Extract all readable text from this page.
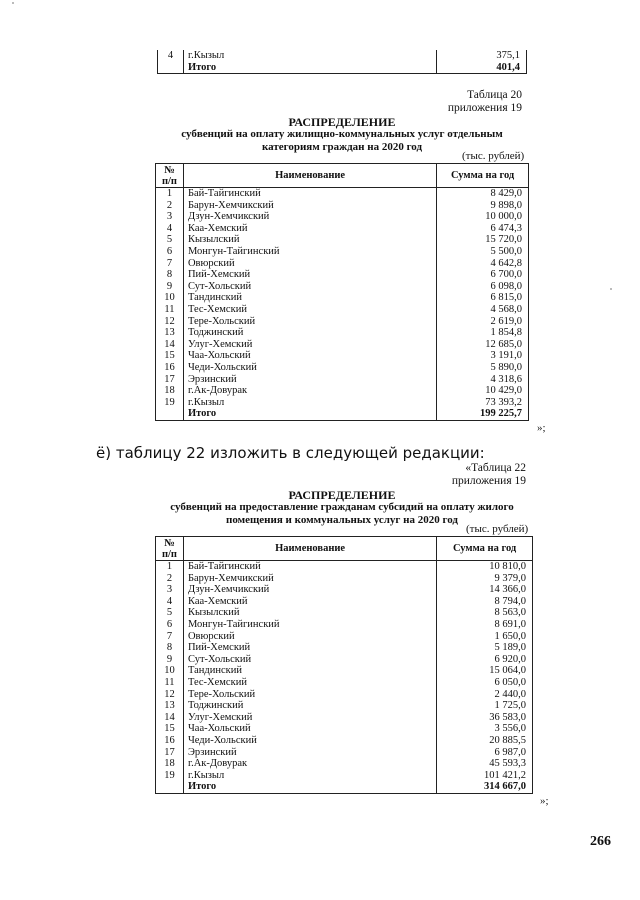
4	г.Кызыл	375,1
	Итого	401,4
Таблица 20
приложения 19
РАСПРЕДЕЛЕНИЕ
субвенций на оплату жилищно-коммунальных услуг отдельным
категориям граждан на 2020 год
(тыс. рублей)
№
п/п	Наименование	Сумма на год
1	Бай-Тайгинский	8 429,0
2	Барун-Хемчикский	9 898,0
3	Дзун-Хемчикский	10 000,0
4	Каа-Хемский	6 474,3
5	Кызылский	15 720,0
6	Монгун-Тайгинский	5 500,0
7	Овюрский	4 642,8
8	Пий-Хемский	6 700,0
9	Сут-Хольский	6 098,0
10	Тандинский	6 815,0
11	Тес-Хемский	4 568,0
12	Тере-Хольский	2 619,0
13	Тоджинский	1 854,8
14	Улуг-Хемский	12 685,0
15	Чаа-Хольский	3 191,0
16	Чеди-Хольский	5 890,0
17	Эрзинский	4 318,6
18	г.Ак-Довурак	10 429,0
19	г.Кызыл	73 393,2
	Итого	199 225,7
»;
ё) таблицу 22 изложить в следующей редакции:
«Таблица 22
приложения 19
РАСПРЕДЕЛЕНИЕ
субвенций на предоставление гражданам субсидий на оплату жилого
помещения и коммунальных услуг на 2020 год
(тыс. рублей)
№
п/п	Наименование	Сумма на год
1	Бай-Тайгинский	10 810,0
2	Барун-Хемчикский	9 379,0
3	Дзун-Хемчикский	14 366,0
4	Каа-Хемский	8 794,0
5	Кызылский	8 563,0
6	Монгун-Тайгинский	8 691,0
7	Овюрский	1 650,0
8	Пий-Хемский	5 189,0
9	Сут-Хольский	6 920,0
10	Тандинский	15 064,0
11	Тес-Хемский	6 050,0
12	Тере-Хольский	2 440,0
13	Тоджинский	1 725,0
14	Улуг-Хемский	36 583,0
15	Чаа-Хольский	3 556,0
16	Чеди-Хольский	20 885,5
17	Эрзинский	6 987,0
18	г.Ак-Довурак	45 593,3
19	г.Кызыл	101 421,2
	Итого	314 667,0
»;
266
